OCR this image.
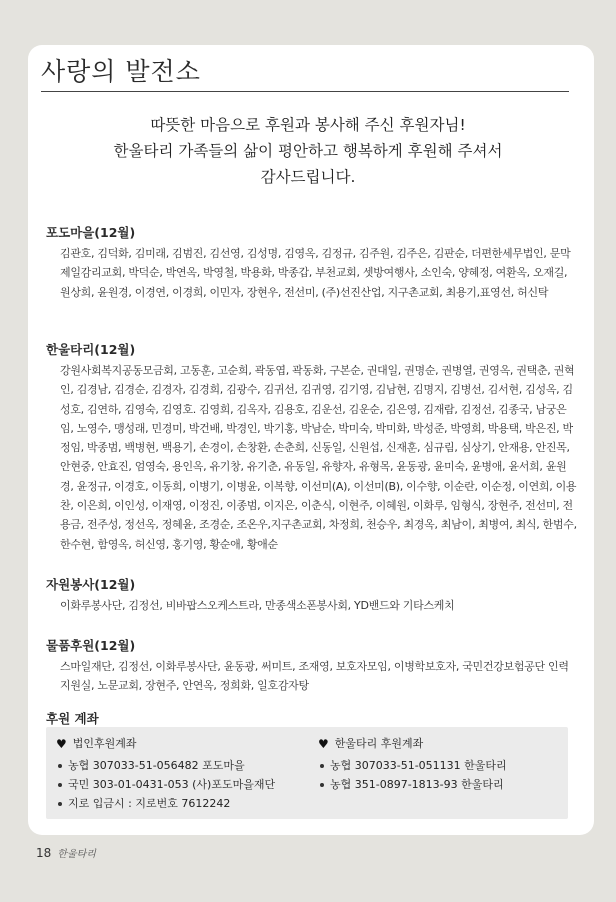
사랑의 발전소
따뜻한 마음으로 후원과 봉사해 주신 후원자님!
한울타리 가족들의 삶이 평안하고 행복하게 후원해 주셔서
감사드립니다.
포도마을(12월)
김관호, 김덕화, 김미래, 김범진, 김선영, 김성명, 김영옥, 김정규, 김주원, 김주은, 김판순, 더편한세무법인, 문막제일감리교회, 박덕순, 박연옥, 박영철, 박용화, 박종갑, 부천교회, 셋방여행사, 소인숙, 양혜정, 여환옥, 오재길, 원상희, 윤원경, 이경연, 이경희, 이민자, 장현우, 전선미, (주)선진산업, 지구촌교회, 최용기,표영선, 허신탁
한울타리(12월)
강원사회복지공동모금회, 고동훈, 고순희, 곽동엽, 곽동화, 구본순, 권대일, 권명순, 권병열, 권영옥, 권택춘, 권혁인, 김경남, 김경순, 김경자, 김경희, 김광수, 김귀선, 김귀영, 김기영, 김남현, 김명지, 김병선, 김서현, 김성옥, 김성호, 김연하, 김영숙, 김영호. 김영희, 김옥자, 김용호, 김운선, 김운순, 김은영, 김재람, 김정선, 김종국, 남궁은임, 노영수, 맹성래, 민경미, 박건배, 박경인, 박기홍, 박남순, 박미숙, 박미화, 박성준, 박영희, 박용택, 박은진, 박정임, 박종범, 백병현, 백용기, 손경이, 손창환, 손춘희, 신동일, 신원섭, 신재훈, 심규림, 심상기, 안재용, 안진목, 안현중, 안효진, 엄영숙, 용인옥, 유기창, 유기춘, 유동일, 유향자, 유형목, 윤동광, 윤미숙, 윤병애, 윤서희, 윤원경, 윤정규, 이경호, 이동희, 이병기, 이병윤, 이복향, 이선미(A), 이선미(B), 이수향, 이순란, 이순정, 이연희, 이용찬, 이은희, 이인성, 이재영, 이정진, 이종범, 이지은, 이춘식, 이현주, 이혜원, 이화루, 임형식, 장현주, 전선미, 전용금, 전주성, 정선옥, 정혜윤, 조경순, 조온우,지구촌교회, 차정희, 천승우, 최경옥, 최남이, 최병여, 최식, 한범수, 한수현, 함영옥, 허신영, 홍기영, 황순애, 황애순
자원봉사(12월)
이화루봉사단, 김정선, 비바팝스오케스트라, 만종색소폰봉사회, YD밴드와 기타스케치
물품후원(12월)
스마일재단, 김정선, 이화루봉사단, 윤동광, 써미트, 조재영, 보호자모임, 이병학보호자, 국민건강보험공단 인력지원실, 노문교회, 장현주, 안연옥, 정희화, 일호감자탕
후원 계좌
♥ 법인후원계좌
농협 307033-51-056482 포도마을
국민 303-01-0431-053 (사)포도마을재단
지로 입금시 : 지로번호 7612242
♥ 한울타리 후원계좌
농협 307033-51-051131 한울타리
농협 351-0897-1813-93 한울타리
18 한울타리
